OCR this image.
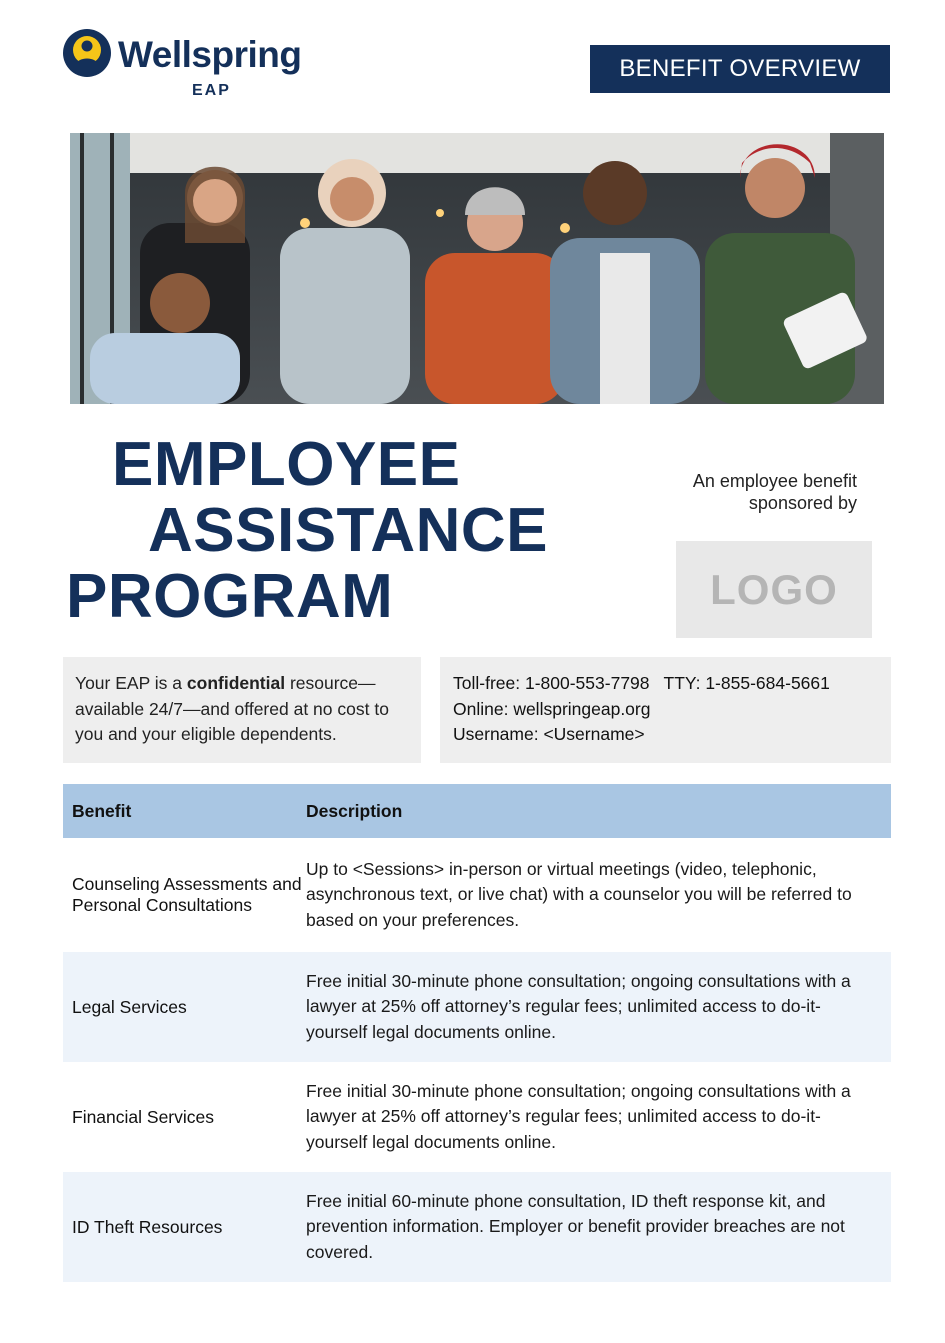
Wellspring
EAP
BENEFIT OVERVIEW
EMPLOYEE
ASSISTANCE
PROGRAM
An employee benefit
sponsored by
LOGO
Your EAP is a confidential resource—available 24/7—and offered at no cost to you and your eligible dependents.
Toll-free: 1-800-553-7798 TTY: 1-855-684-5661
Online: wellspringeap.org
Username: <Username>
Benefit	Description
Counseling Assessments and Personal Consultations
Up to <Sessions> in-person or virtual meetings (video, telephonic, asynchronous text, or live chat) with a counselor you will be referred to based on your preferences.
Legal Services
Free initial 30-minute phone consultation; ongoing consultations with a lawyer at 25% off attorney’s regular fees; unlimited access to do-it-yourself legal documents online.
Financial Services
Free initial 30-minute phone consultation; ongoing consultations with a lawyer at 25% off attorney’s regular fees; unlimited access to do-it-yourself legal documents online.
ID Theft Resources
Free initial 60-minute phone consultation, ID theft response kit, and prevention information. Employer or benefit provider breaches are not covered.
